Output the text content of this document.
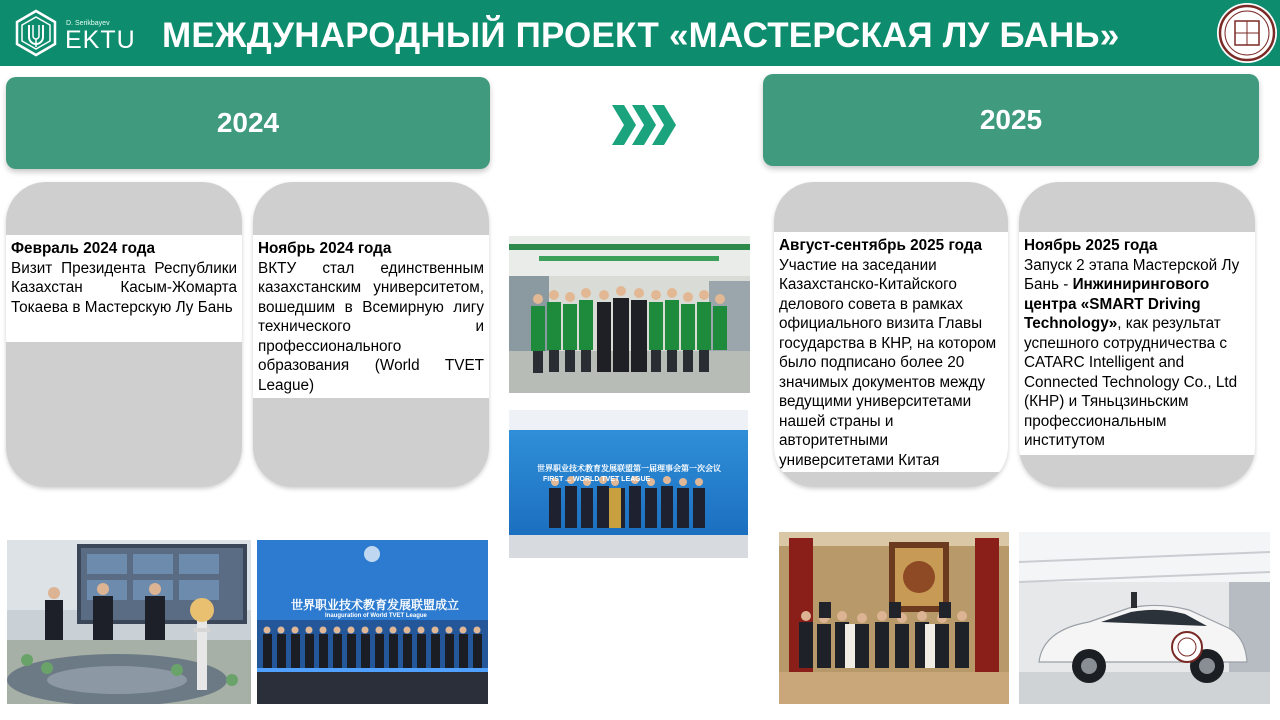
D. Serikbayev
EKTU МЕЖДУНАРОДНЫЙ ПРОЕКТ «МАСТЕРСКАЯ ЛУ БАНЬ»
2024	2025
Февраль 2024 года
Визит Президента Республики Казахстан Касым-Жомарта Токаева в Мастерскую Лу Бань
Ноябрь 2024 года
ВКТУ стал единственным казахстанским университетом, вошедшим в Всемирную лигу технического и профессионального образования (World TVET League)
Август-сентябрь 2025 года
Участие на заседании Казахстанско-Китайского делового совета в рамках официального визита Главы государства в КНР, на котором было подписано более 20 значимых документов между ведущими университетами нашей страны и авторитетными университетами Китая
Ноябрь 2025 года
Запуск 2 этапа Мастерской Лу Бань - Инжинирингового центра «SMART Driving Technology», как результат успешного сотрудничества с CATARC Intelligent and Connected Technology Co., Ltd (КНР) и Тяньцзиньским профессиональным институтом
世界职业技术教育发展联盟第一届理事会第一次会议
FIRST ... WORLD TVET LEAGUE
世界职业技术教育发展联盟成立
Inauguration of World TVET League
